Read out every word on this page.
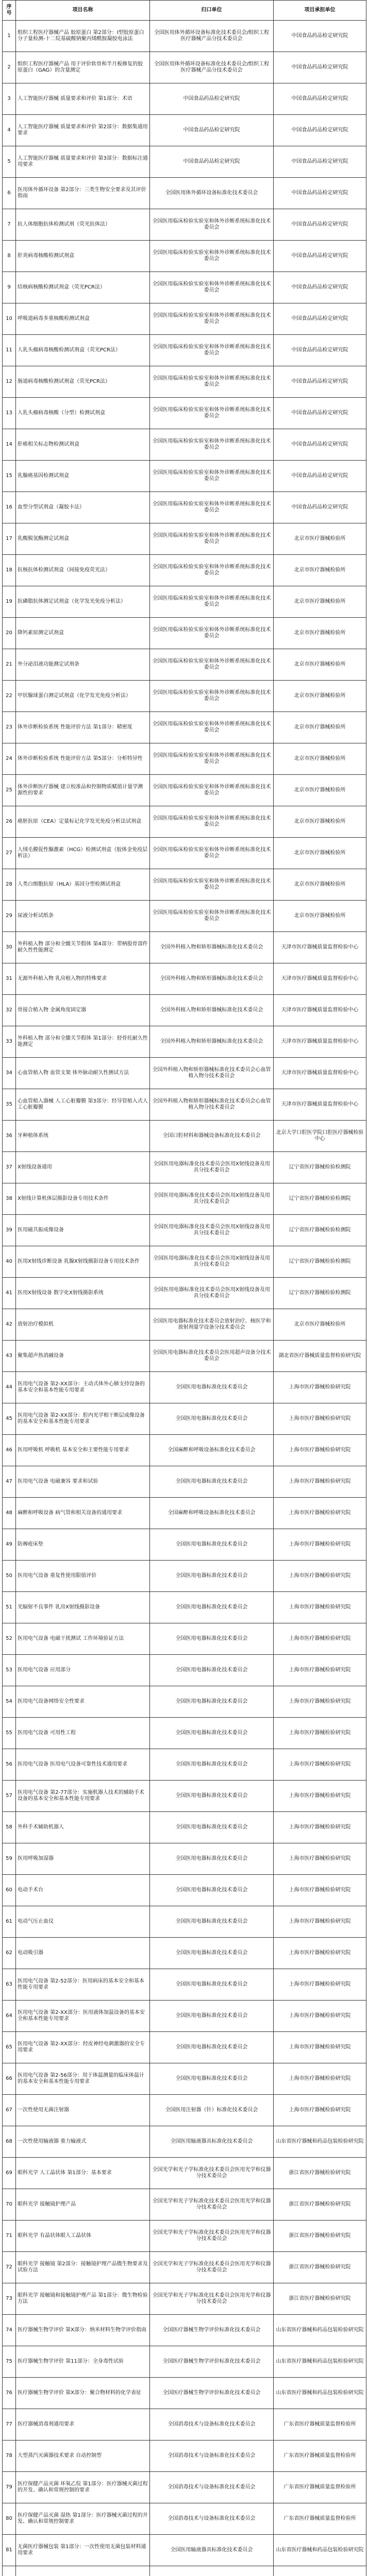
序号	项目名称	归口单位	项目承担单位
1	组织工程医疗器械产品 胶原蛋白 第2部分：I型胶原蛋白分子量检测-十二烷基硫酸钠聚丙烯酰胺凝胶电泳法	全国医用体外循环设备标准化技术委员会/组织工程医疗器械产品分技术委员会	中国食品药品检定研究院
2	组织工程医疗器械产品 用于评价软骨和半月板修复的胶原蛋白（GAG）的含量测定	全国医用体外循环设备标准化技术委员会/组织工程医疗器械产品分技术委员会	中国食品药品检定研究院
3	人工智能医疗器械 质量要求和评价 第1部分：术语	中国食品药品检定研究院	中国食品药品检定研究院
4	人工智能医疗器械 质量要求和评价 第2部分：数据集通用要求	中国食品药品检定研究院	中国食品药品检定研究院
5	人工智能医疗器械 质量要求和评价 第3部分：数据标注通用要求	中国食品药品检定研究院	中国食品药品检定研究院
6	医用体外循环设备 第2部分：三类生物安全要求及其评价指南	全国医用体外循环设备标准化技术委员会	中国食品药品检定研究院
7	抗人体细胞抗体检测试剂（荧光抗体法）	全国医用临床检验实验室和体外诊断系统标准化技术委员会	中国食品药品检定研究院
8	肝炎病毒核酸检测试剂盒	全国医用临床检验实验室和体外诊断系统标准化技术委员会	中国食品药品检定研究院
9	结核病核酸检测试剂盒（荧光PCR法）	全国医用临床检验实验室和体外诊断系统标准化技术委员会	中国食品药品检定研究院
10	呼吸道病毒多重核酸检测试剂盒	全国医用临床检验实验室和体外诊断系统标准化技术委员会	中国食品药品检定研究院
11	人乳头瘤病毒核酸检测试剂盒（荧光PCR法）	全国医用临床检验实验室和体外诊断系统标准化技术委员会	中国食品药品检定研究院
12	肠道病毒核酸检测试剂盒（荧光PCR法）	全国医用临床检验实验室和体外诊断系统标准化技术委员会	中国食品药品检定研究院
13	人乳头瘤病毒核酸（分型）检测试剂盒	全国医用临床检验实验室和体外诊断系统标准化技术委员会	中国食品药品检定研究院
14	肝癌相关标志物检测试剂盒	全国医用临床检验实验室和体外诊断系统标准化技术委员会	中国食品药品检定研究院
15	乳腺癌基因检测试剂盒	全国医用临床检验实验室和体外诊断系统标准化技术委员会	中国食品药品检定研究院
16	血型分型试剂盒（凝胶卡法）	全国医用临床检验实验室和体外诊断系统标准化技术委员会	中国食品药品检定研究院
17	乳酸脱氢酶测定试剂盒	全国医用临床检验实验室和体外诊断系统标准化技术委员会	北京市医疗器械检验所
18	抗核抗体检测试剂盒（间接免疫荧光法）	全国医用临床检验实验室和体外诊断系统标准化技术委员会	北京市医疗器械检验所
19	抗磷脂抗体测定试剂盒（化学发光免疫分析法）	全国医用临床检验实验室和体外诊断系统标准化技术委员会	北京市医疗器械检验所
20	降钙素原测定试剂盒	全国医用临床检验实验室和体外诊断系统标准化技术委员会	北京市医疗器械检验所
21	外分泌泪液功能测定试剂条	全国医用临床检验实验室和体外诊断系统标准化技术委员会	北京市医疗器械检验所
22	甲状腺球蛋白测定试剂盒（化学发光免疫分析法）	全国医用临床检验实验室和体外诊断系统标准化技术委员会	北京市医疗器械检验所
23	体外诊断检验系统 性能评价方法 第1部分：精密度	全国医用临床检验实验室和体外诊断系统标准化技术委员会	北京市医疗器械检验所
24	体外诊断检验系统 性能评价方法 第5部分：分析特异性	全国医用临床检验实验室和体外诊断系统标准化技术委员会	北京市医疗器械检验所
25	体外诊断医疗器械 建立校准品和控制物质赋值计量学溯源性的要求	全国医用临床检验实验室和体外诊断系统标准化技术委员会	北京市医疗器械检验所
26	癌胚抗原（CEA）定量标记化学发光免疫分析法试剂盒	全国医用临床检验实验室和体外诊断系统标准化技术委员会	北京市医疗器械检验所
27	人绒毛膜促性腺激素（HCG）检测试剂盒（胶体金免疫层析法）	全国医用临床检验实验室和体外诊断系统标准化技术委员会	北京市医疗器械检验所
28	人类白细胞抗原（HLA）基因分型检测试剂盒	全国医用临床检验实验室和体外诊断系统标准化技术委员会	北京市医疗器械检验所
29	尿液分析试纸条	全国医用临床检验实验室和体外诊断系统标准化技术委员会	北京市医疗器械检验所
30	外科植入物 部分和全髋关节假体 第4部分：带柄股骨部件耐久性性能测定	全国外科植入物和矫形器械标准化技术委员会	天津市医疗器械质量监督检验中心
31	无源外科植入物 乳房植入物的特殊要求	全国外科植入物和矫形器械标准化技术委员会	天津市医疗器械质量监督检验中心
32	骨接合植入物 金属角度固定器	全国外科植入物和矫形器械标准化技术委员会	天津市医疗器械质量监督检验中心
33	外科植入物 部分和全膝关节假体 第1部分：胫骨托耐久性能测定	全国外科植入物和矫形器械标准化技术委员会	天津市医疗器械质量监督检验中心
34	心血管植入物 血管支架 体外脉动耐久性测试方法	全国外科植入物和矫形器械标准化技术委员会心血管植入物分技术委员会	天津市医疗器械质量监督检验中心
35	心血管植入器械 人工心脏瓣膜 第3部分：经导管植入式人工心脏瓣膜	全国外科植入物和矫形器械标准化技术委员会心血管植入物分技术委员会	天津市医疗器械质量监督检验中心
36	牙种植体系统	全国口腔材料和器械设备标准化技术委员会	北京大学口腔医学院口腔医疗器械检验中心
37	X射线设备通用	全国医用电器标准化技术委员会医用X射线设备及用具分技术委员会	辽宁省医疗器械检验检测院
38	X射线计算机体层摄影设备专用技术条件	全国医用电器标准化技术委员会医用X射线设备及用具分技术委员会	辽宁省医疗器械检验检测院
39	医用磁共振成像设备	全国医用电器标准化技术委员会医用X射线设备及用具分技术委员会	辽宁省医疗器械检验检测院
40	医用X射线诊断设备 乳腺X射线摄影设备专用技术条件	全国医用电器标准化技术委员会医用X射线设备及用具分技术委员会	辽宁省医疗器械检验检测院
41	医用X射线设备 数字化X射线摄影系统	全国医用电器标准化技术委员会医用X射线设备及用具分技术委员会	辽宁省医疗器械检验检测院
42	放射治疗模拟机	全国医用电器标准化技术委员会放射治疗、核医学和放射剂量学设备分技术委员会	北京市医疗器械检验所
43	聚集超声热消融设备	全国医用电器标准化技术委员会医用超声设备分技术委员会	湖北省医疗器械质量监督检验研究院
44	医用电气设备 第2-XX部分：主动式体外心肺支持设备的基本安全和基本性能专用要求	全国医用电器标准化技术委员会	上海市医疗器械检验研究院
45	医用电气设备 第2-XX部分：腔内光学相干断层成像设备的基本安全和基本性能专用要求	全国医用电器标准化技术委员会	上海市医疗器械检验研究院
46	医用呼吸机 呼吸机 基本安全和主要性能专用要求	全国麻醉和呼吸设备标准化技术委员会	上海市医疗器械检验研究院
47	医用电气设备 电磁兼容 要求和试验	全国医用电器标准化技术委员会	上海市医疗器械检验研究院
48	麻醉和呼吸设备 病气管和相关设备的通用要求	全国麻醉和呼吸设备标准化技术委员会	上海市医疗器械检验研究院
49	防褥疮床垫	全国医用电器标准化技术委员会	上海市医疗器械检验研究院
50	医用电气设备 重复性使用限值评价	全国医用电器标准化技术委员会	上海市医疗器械检验研究院
51	光辐射不良事件 乳房X射线摄影设备	全国医用电器标准化技术委员会	上海市医疗器械检验研究院
52	医用电气设备 电磁干扰测试 工作环境验证方法	全国医用电器标准化技术委员会	上海市医疗器械检验研究院
53	医用电气设备 应用部分	全国医用电器标准化技术委员会	上海市医疗器械检验研究院
54	医用电气设备网络安全性要求	全国医用电器标准化技术委员会	上海市医疗器械检验研究院
55	医用电气设备 可用性工程	全国医用电器标准化技术委员会	上海市医疗器械检验研究院
56	医用电气设备 医用电气设备可靠性技术通用要求	全国医用电器标准化技术委员会	上海市医疗器械检验研究院
57	医用电气设备 第2-77部分：实施机器人技术的辅助手术设备的基本安全和基本性能专用要求	全国医用电器标准化技术委员会	上海市医疗器械检验研究院
58	外科手术辅助机器人	全国医用电器标准化技术委员会	上海市医疗器械检验研究院
59	医用呼吸加湿器	全国医用电器标准化技术委员会	上海市医疗器械检验研究院
60	电动手术台	全国医用电器标准化技术委员会	上海市医疗器械检验研究院
61	电动气压止血仪	全国医用电器标准化技术委员会	上海市医疗器械检验研究院
62	电动吸引器	全国医用电器标准化技术委员会	上海市医疗器械检验研究院
63	医用电气设备 第2-52部分：医用病床的基本安全和基本性能专用要求	全国医用电器标准化技术委员会	上海市医疗器械检验研究院
64	医用电气设备 第2-XX部分：医用液体加温设备的基本安全和基本性能专用要求	全国医用电器标准化技术委员会	上海市医疗器械检验研究院
65	医用电气设备 第2-XX部分：经皮神经电刺激器的安全专用要求	全国医用电器标准化技术委员会	上海市医疗器械检验研究院
66	医用电气设备 第2-56部分：用于体温测量的临床体温计的基本安全和基本性能专用要求	全国医用电器标准化技术委员会	上海市医疗器械检验研究院
67	一次性使用无菌注射器	全国医用注射器（针）标准化技术委员会	上海市医疗器械检验研究院
68	一次性使用输液器 重力输液式	全国医用输液器具标准化技术委员会	山东省医疗器械和药品包装检验研究院
69	眼科光学 人工晶状体 第1部分：基本要求	全国光学和光子学标准化技术委员会医用光学和仪器分技术委员会	浙江省医疗器械检验研究院
70	眼科光学 接触镜护理产品	全国光学和光子学标准化技术委员会医用光学和仪器分技术委员会	浙江省医疗器械检验研究院
71	眼科光学 有晶状体眼人工晶状体	全国光学和光子学标准化技术委员会医用光学和仪器分技术委员会	浙江省医疗器械检验研究院
72	眼科光学 接触镜 第2部分：接触镜护理产品微生物要求及试验方法	全国光学和光子学标准化技术委员会医用光学和仪器分技术委员会	浙江省医疗器械检验研究院
73	眼科光学 接触镜和接触镜护理产品 第1部分：微生物检验方法	全国光学和光子学标准化技术委员会医用光学和仪器分技术委员会	浙江省医疗器械检验研究院
74	医疗器械生物学评价 第X部分：纳米材料生物学评价指南	全国医疗器械生物学评价标准化技术委员会	山东省医疗器械和药品包装检验研究院
75	医疗器械生物学评价 第11部分：全身毒性试验	全国医疗器械生物学评价标准化技术委员会	山东省医疗器械和药品包装检验研究院
76	医疗器械生物学评价 第X部分：聚合物材料的化学表征	全国医疗器械生物学评价标准化技术委员会	山东省医疗器械和药品包装检验研究院
77	医疗器械消毒剂通用要求	全国消毒技术与设备标准化技术委员会	广东省医疗器械质量监督检验所
78	大型蒸汽灭菌器技术要求 自动控制型	全国消毒技术与设备标准化技术委员会	广东省医疗器械质量监督检验所
79	医疗保健产品灭菌 环氧乙烷 第1部分：医疗器械灭菌过程的开发、确认和常规控制的要求	全国消毒技术与设备标准化技术委员会	广东省医疗器械质量监督检验所
80	医疗保健产品灭菌 湿热 第1部分：医疗器械灭菌过程的开发、确认和常规控制要求	全国消毒技术与设备标准化技术委员会	广东省医疗器械质量监督检验所
81	无菌医疗器械包装 第1部分：一次性使用无菌包装材料通用要求	全国医用输液器具标准化技术委员会	山东省医疗器械和药品包装检验研究院
